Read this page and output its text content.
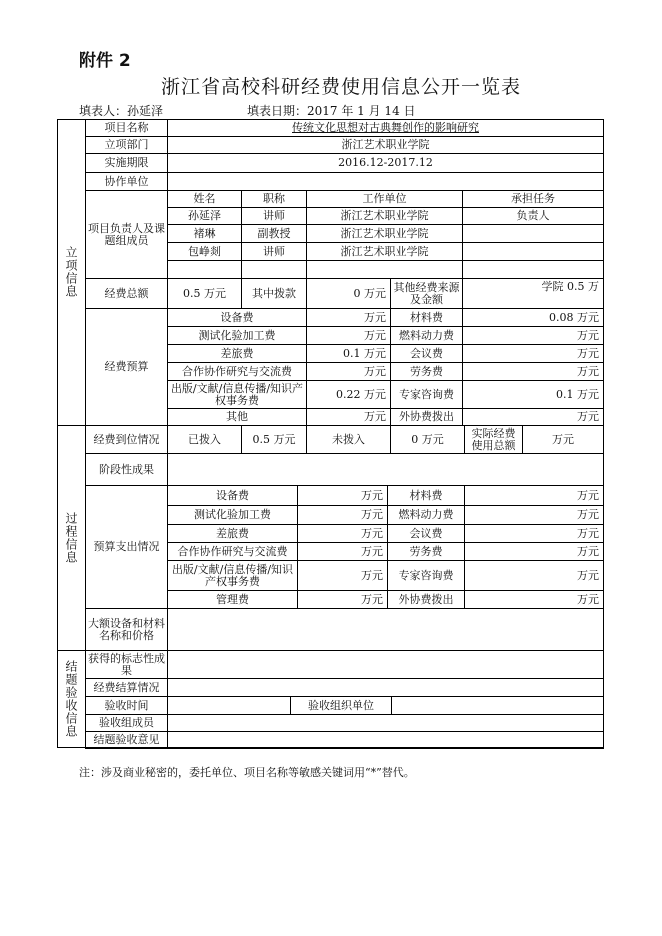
附件 2
浙江省高校科研经费使用信息公开一览表
填表人：孙延泽	填表日期：2017 年 1 月 14 日
立项信息
过程信息
结题验收信息
项目名称	传统文化思想对古典舞创作的影响研究
立项部门	浙江艺术职业学院
实施期限	2016.12-2017.12
协作单位	
项目负责人及课题组成员	姓名	职称	工作单位		承担任务
	孙延泽	讲师	浙江艺术职业学院		负责人
	褚琳	副教授	浙江艺术职业学院		
	包峥剡	讲师	浙江艺术职业学院		

经费总额	0.5 万元	其中拨款	0 万元	其他经费来源及金额	学院 0.5 万
经费预算	设备费	万元	材料费	0.08 万元
	测试化验加工费	万元	燃料动力费	万元
	差旅费	0.1 万元	会议费	万元
	合作协作研究与交流费	万元	劳务费	万元
	出版/文献/信息传播/知识产权事务费	0.22 万元	专家咨询费	0.1 万元
	其他	万元	外协费拨出	万元
经费到位情况	已拨入	0.5 万元	未拨入	0 万元	实际经费使用总额	万元
阶段性成果	
预算支出情况	设备费	万元	材料费	万元
	测试化验加工费	万元	燃料动力费	万元
	差旅费	万元	会议费	万元
	合作协作研究与交流费	万元	劳务费	万元
	出版/文献/信息传播/知识产权事务费	万元	专家咨询费	万元
	管理费	万元	外协费拨出	万元
大额设备和材料名称和价格	
获得的标志性成果			
经费结算情况			
验收时间		验收组织单位	
验收组成员			
结题验收意见			
注：涉及商业秘密的，委托单位、项目名称等敏感关键词用“*”替代。
